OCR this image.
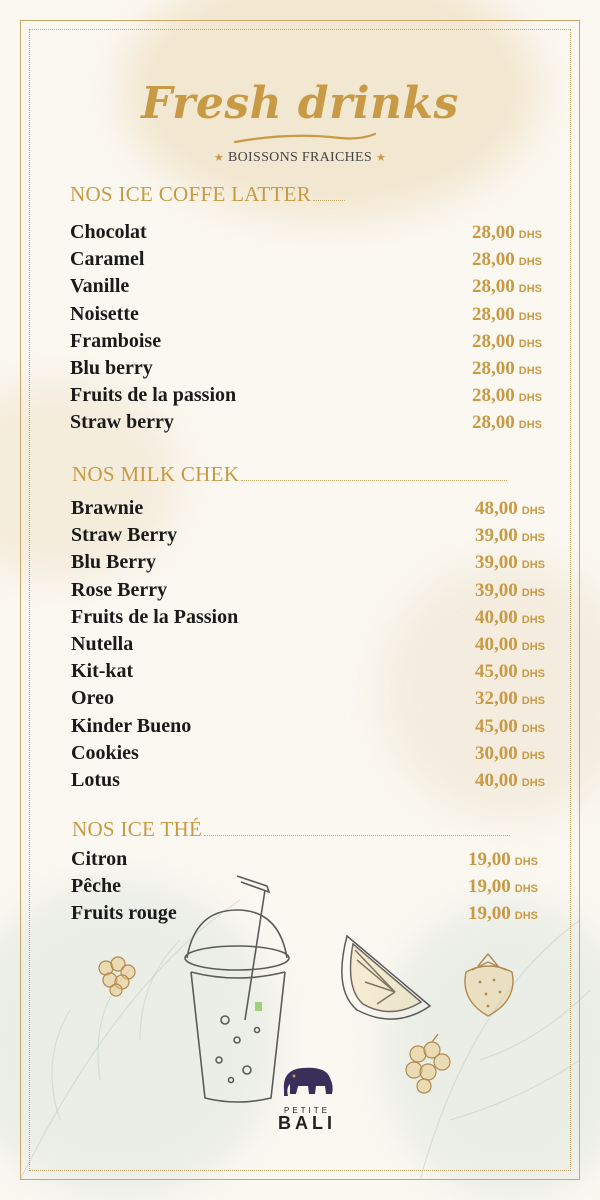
Fresh drinks
★ BOISSONS FRAICHES ★
NOS ICE COFFE LATTER
Chocolat	28,00 DHS
Caramel	28,00 DHS
Vanille	28,00 DHS
Noisette	28,00 DHS
Framboise	28,00 DHS
Blu berry	28,00 DHS
Fruits de la passion	28,00 DHS
Straw berry	28,00 DHS
NOS MILK CHEK
Brawnie	48,00 DHS
Straw Berry	39,00 DHS
Blu Berry	39,00 DHS
Rose Berry	39,00 DHS
Fruits de la Passion	40,00 DHS
Nutella	40,00 DHS
Kit-kat	45,00 DHS
Oreo	32,00 DHS
Kinder Bueno	45,00 DHS
Cookies	30,00 DHS
Lotus	40,00 DHS
NOS ICE THÉ
Citron	19,00 DHS
Pêche	19,00 DHS
Fruits rouge	19,00 DHS
PETITE
BALI
